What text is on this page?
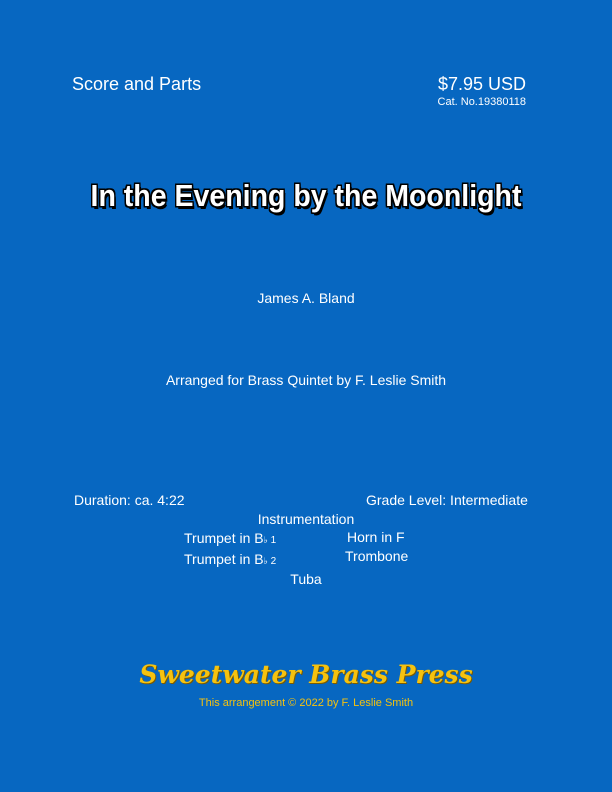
Score and Parts	$7.95 USD
Cat. No.19380118
In the Evening by the Moonlight
James A. Bland
Arranged for Brass Quintet by F. Leslie Smith
Duration: ca. 4:22	Grade Level: Intermediate
Instrumentation
Trumpet in B♭ 1
Trumpet in B♭ 2
Horn in F
Trombone
Tuba
Sweetwater Brass Press
This arrangement © 2022 by F. Leslie Smith
